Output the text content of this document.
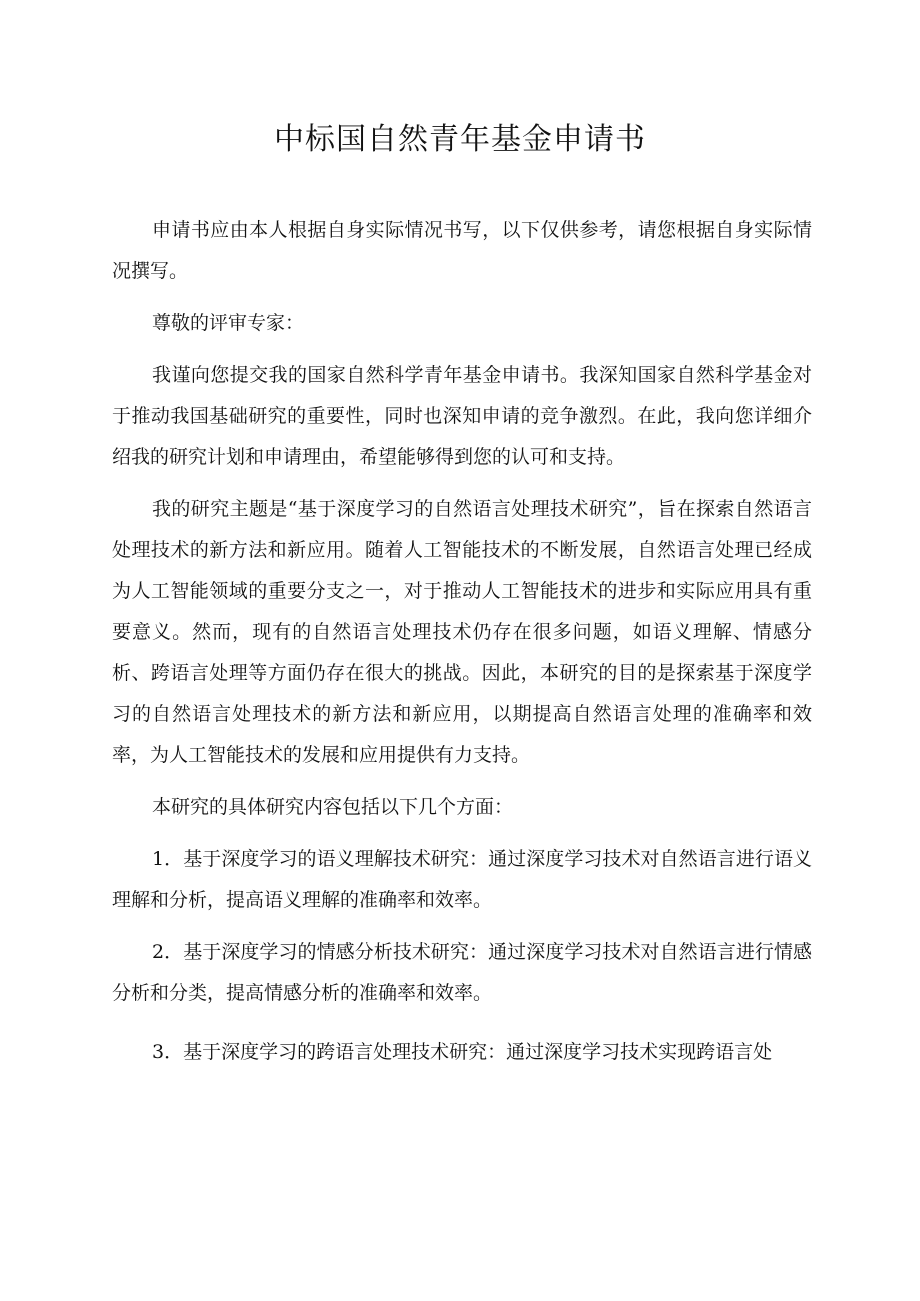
中标国自然青年基金申请书

申请书应由本人根据自身实际情况书写，以下仅供参考，请您根据自身实际情况撰写。

尊敬的评审专家：

我谨向您提交我的国家自然科学青年基金申请书。我深知国家自然科学基金对于推动我国基础研究的重要性，同时也深知申请的竞争激烈。在此，我向您详细介绍我的研究计划和申请理由，希望能够得到您的认可和支持。

我的研究主题是“基于深度学习的自然语言处理技术研究”，旨在探索自然语言处理技术的新方法和新应用。随着人工智能技术的不断发展，自然语言处理已经成为人工智能领域的重要分支之一，对于推动人工智能技术的进步和实际应用具有重要意义。然而，现有的自然语言处理技术仍存在很多问题，如语义理解、情感分析、跨语言处理等方面仍存在很大的挑战。因此，本研究的目的是探索基于深度学习的自然语言处理技术的新方法和新应用，以期提高自然语言处理的准确率和效率，为人工智能技术的发展和应用提供有力支持。

本研究的具体研究内容包括以下几个方面：

1．基于深度学习的语义理解技术研究：通过深度学习技术对自然语言进行语义理解和分析，提高语义理解的准确率和效率。

2．基于深度学习的情感分析技术研究：通过深度学习技术对自然语言进行情感分析和分类，提高情感分析的准确率和效率。

3．基于深度学习的跨语言处理技术研究：通过深度学习技术实现跨语言处
